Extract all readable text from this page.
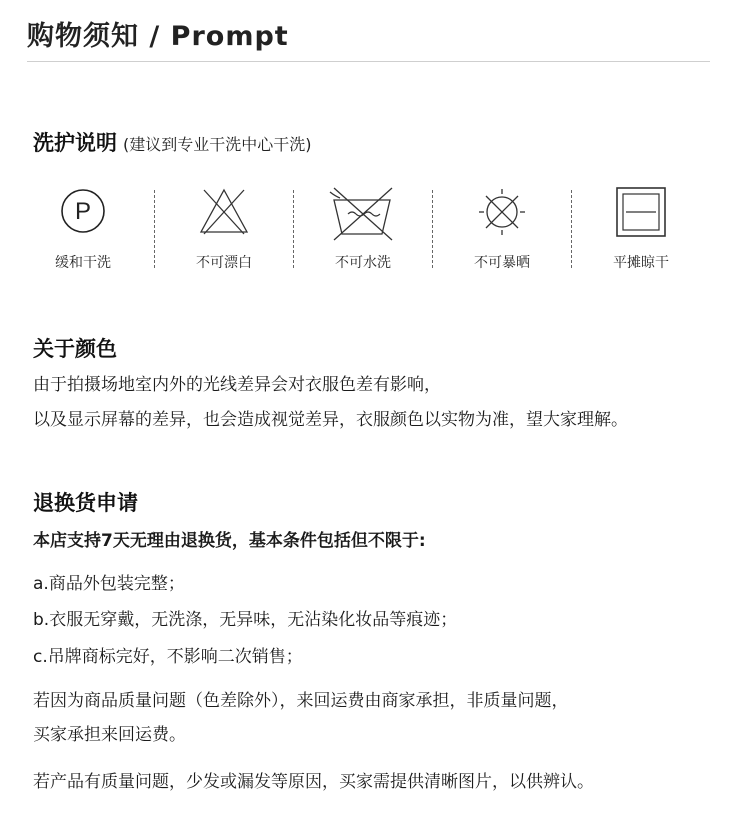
购物须知 / Prompt
洗护说明 (建议到专业干洗中心干洗)
P
缓和干洗	不可漂白	不可水洗	不可暴晒	平摊晾干
关于颜色
由于拍摄场地室内外的光线差异会对衣服色差有影响，
以及显示屏幕的差异，也会造成视觉差异，衣服颜色以实物为准，望大家理解。
退换货申请
本店支持7天无理由退换货，基本条件包括但不限于:
a.商品外包装完整；
b.衣服无穿戴，无洗涤，无异味，无沾染化妆品等痕迹；
c.吊牌商标完好，不影响二次销售；
若因为商品质量问题（色差除外），来回运费由商家承担，非质量问题，
买家承担来回运费。
若产品有质量问题，少发或漏发等原因，买家需提供清晰图片，以供辨认。
